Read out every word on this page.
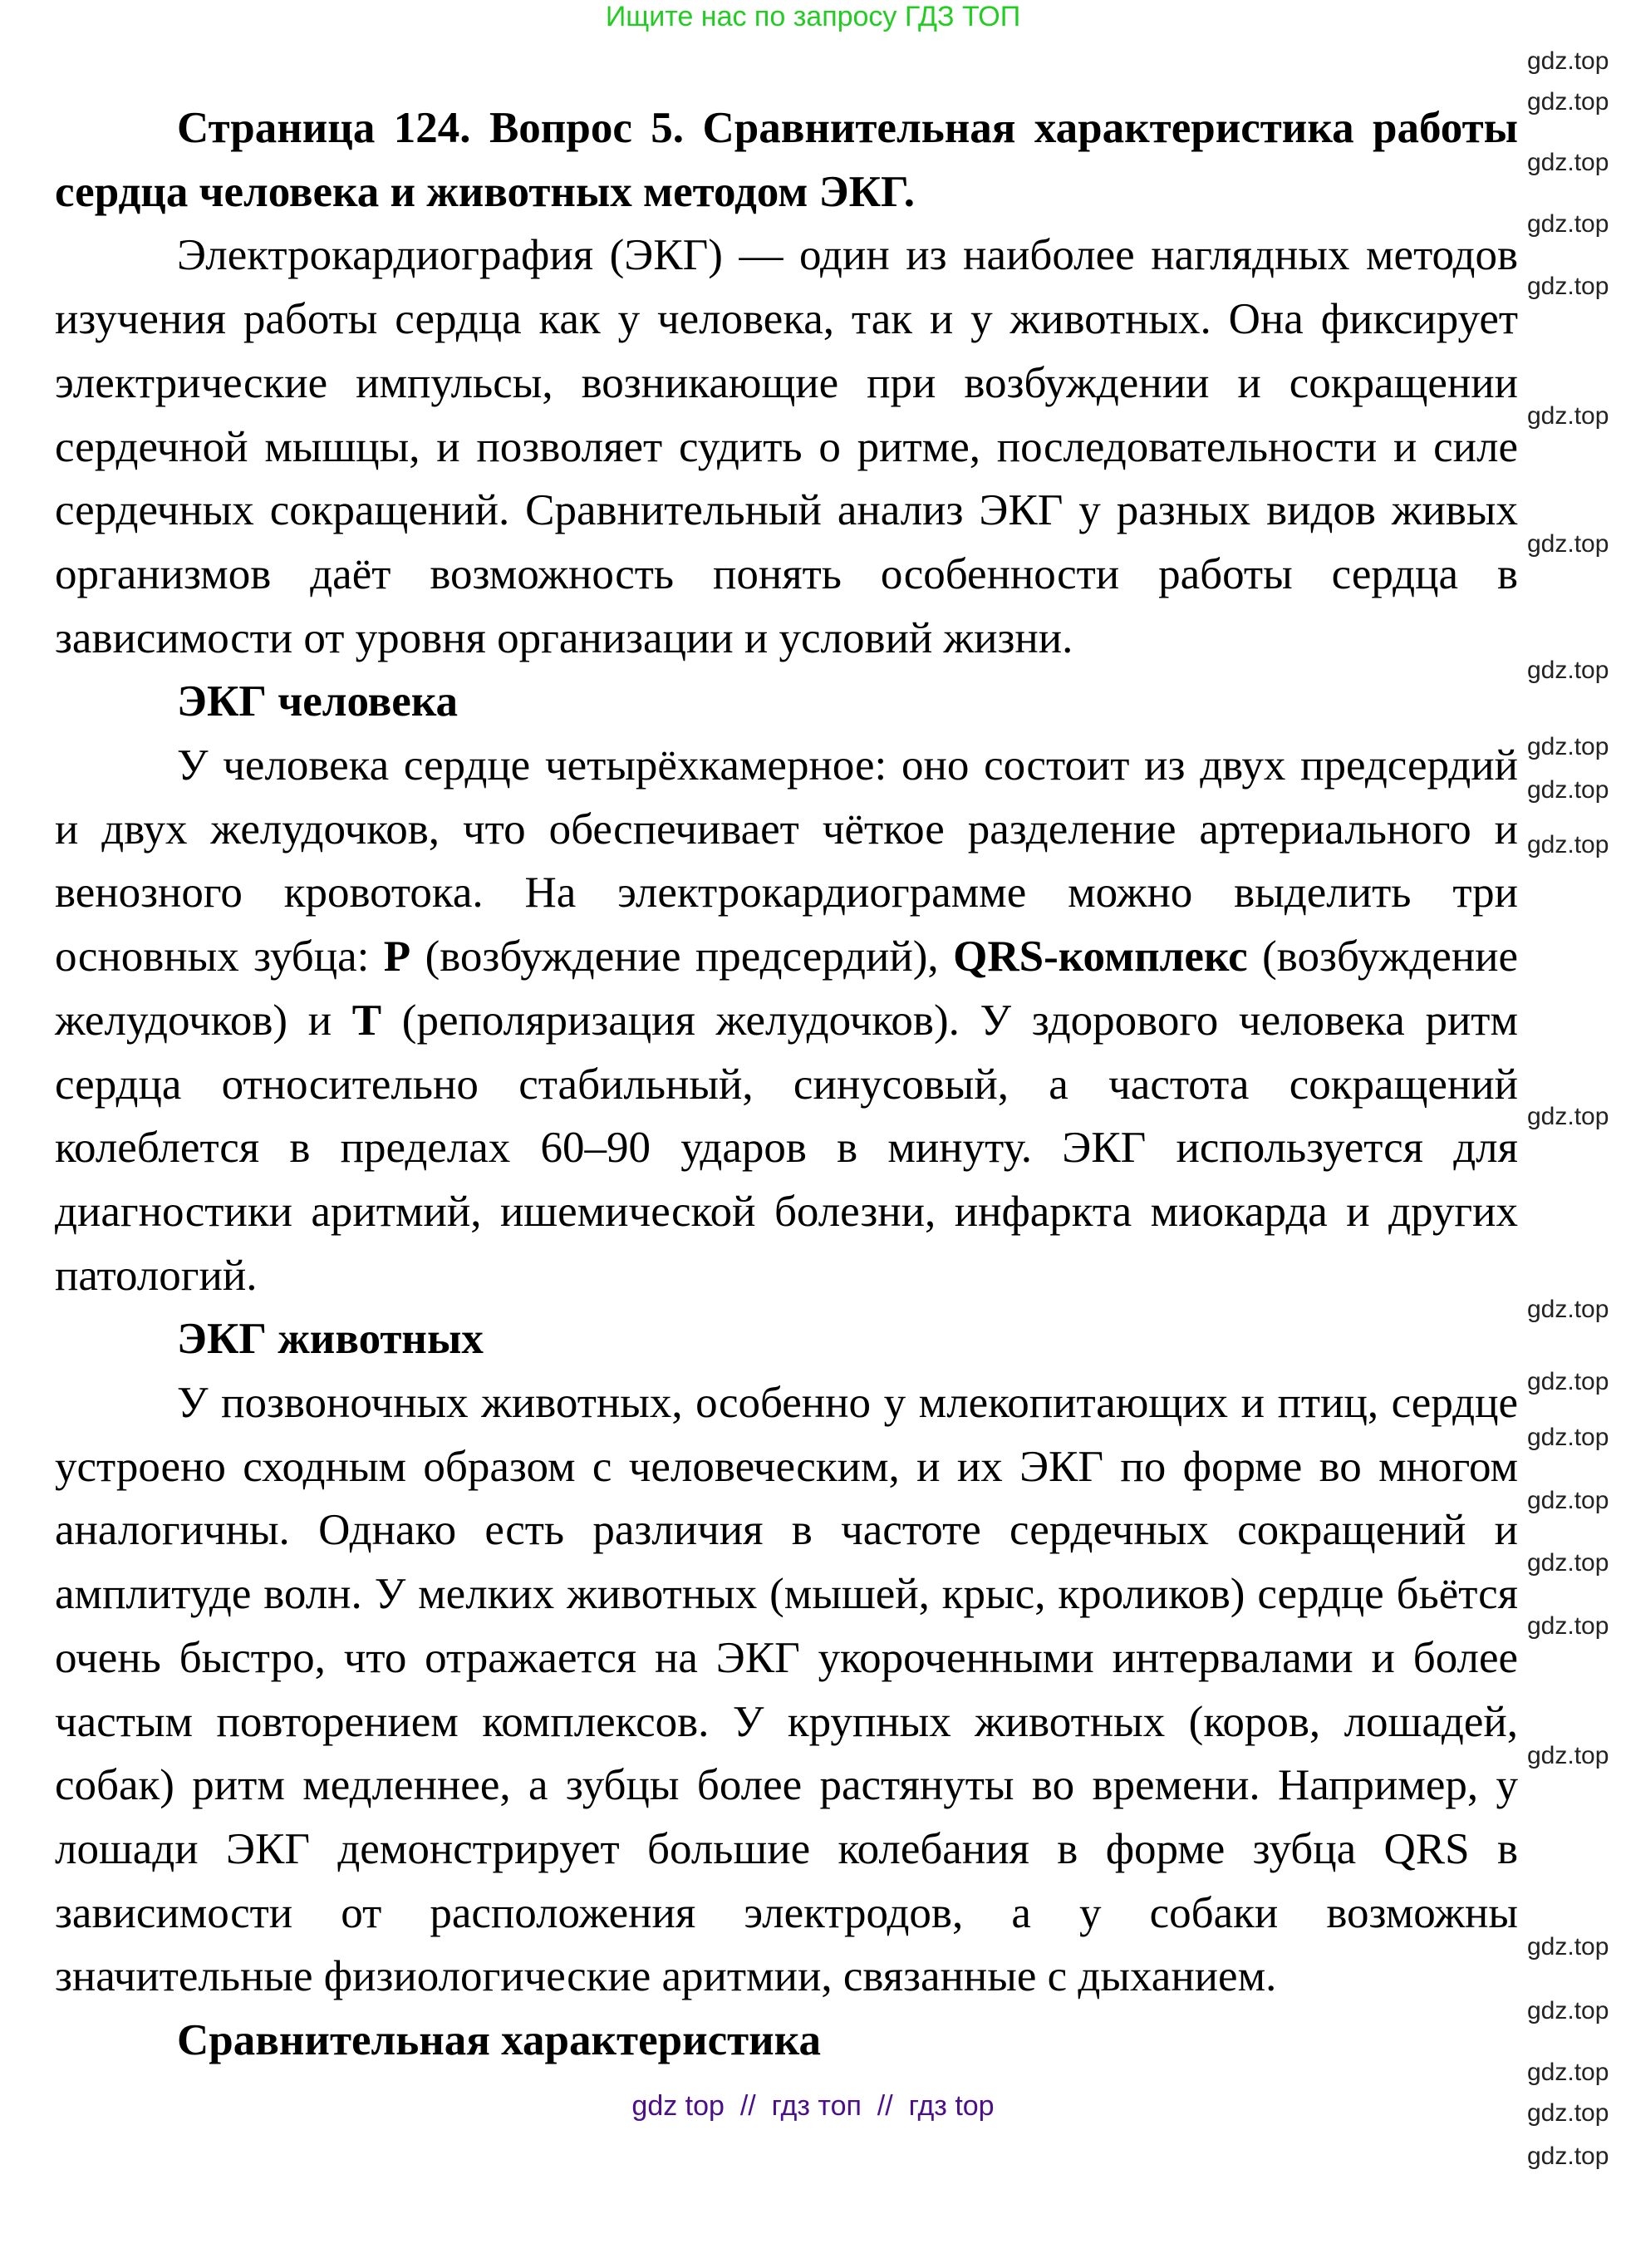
Ищите нас по запросу ГДЗ ТОП

Страница 124. Вопрос 5. Сравнительная характеристика работы сердца человека и животных методом ЭКГ.

Электрокардиография (ЭКГ) — один из наиболее наглядных методов изучения работы сердца как у человека, так и у животных. Она фиксирует электрические импульсы, возникающие при возбуждении и сокращении сердечной мышцы, и позволяет судить о ритме, последовательности и силе сердечных сокращений. Сравнительный анализ ЭКГ у разных видов живых организмов даёт возможность понять особенности работы сердца в зависимости от уровня организации и условий жизни.

ЭКГ человека

У человека сердце четырёхкамерное: оно состоит из двух предсердий и двух желудочков, что обеспечивает чёткое разделение артериального и венозного кровотока. На электрокардиограмме можно выделить три основных зубца: P (возбуждение предсердий), QRS-комплекс (возбуждение желудочков) и T (реполяризация желудочков). У здорового человека ритм сердца относительно стабильный, синусовый, а частота сокращений колеблется в пределах 60–90 ударов в минуту. ЭКГ используется для диагностики аритмий, ишемической болезни, инфаркта миокарда и других патологий.

ЭКГ животных

У позвоночных животных, особенно у млекопитающих и птиц, сердце устроено сходным образом с человеческим, и их ЭКГ по форме во многом аналогичны. Однако есть различия в частоте сердечных сокращений и амплитуде волн. У мелких животных (мышей, крыс, кроликов) сердце бьётся очень быстро, что отражается на ЭКГ укороченными интервалами и более частым повторением комплексов. У крупных животных (коров, лошадей, собак) ритм медленнее, а зубцы более растянуты во времени. Например, у лошади ЭКГ демонстрирует большие колебания в форме зубца QRS в зависимости от расположения электродов, а у собаки возможны значительные физиологические аритмии, связанные с дыханием.

Сравнительная характеристика
gdz top  //  гдз топ  //  гдз top
gdz.top
gdz.top
gdz.top
gdz.top
gdz.top
gdz.top
gdz.top
gdz.top
gdz.top
gdz.top
gdz.top
gdz.top
gdz.top
gdz.top
gdz.top
gdz.top
gdz.top
gdz.top
gdz.top
gdz.top
gdz.top
gdz.top
gdz.top
gdz.top
